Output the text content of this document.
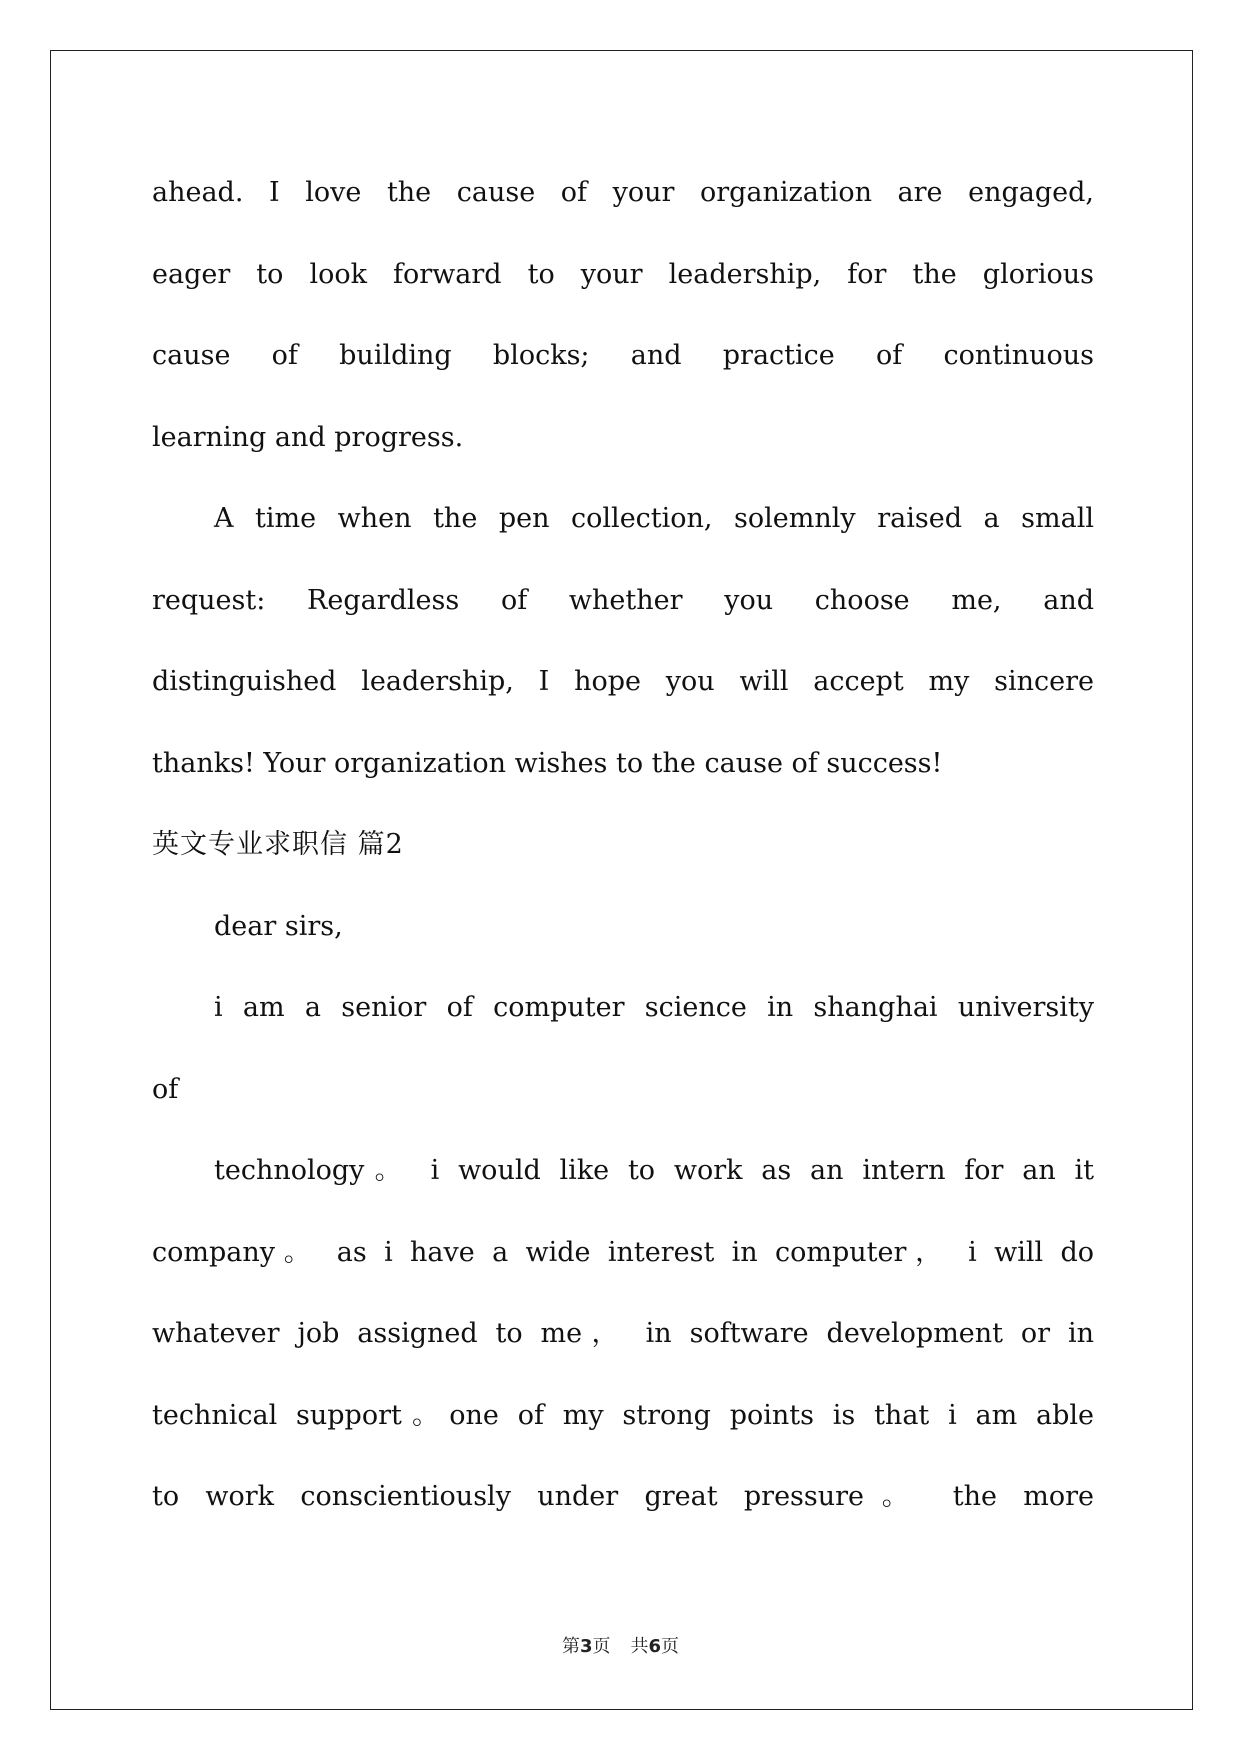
ahead. I love the cause of your organization are engaged,
eager to look forward to your leadership, for the glorious
cause of building blocks; and practice of continuous
learning and progress.
A time when the pen collection, solemnly raised a small
request: Regardless of whether you choose me, and
distinguished leadership, I hope you will accept my sincere
thanks! Your organization wishes to the cause of success!
英文专业求职信 篇2
dear sirs,
i am a senior of computer science in shanghai university
of
technology。 i would like to work as an intern for an it
company。 as i have a wide interest in computer， i will do
whatever job assigned to me， in software development or in
technical support。one of my strong points is that i am able
to work conscientiously under great pressure。 the more
第3页 共6页
